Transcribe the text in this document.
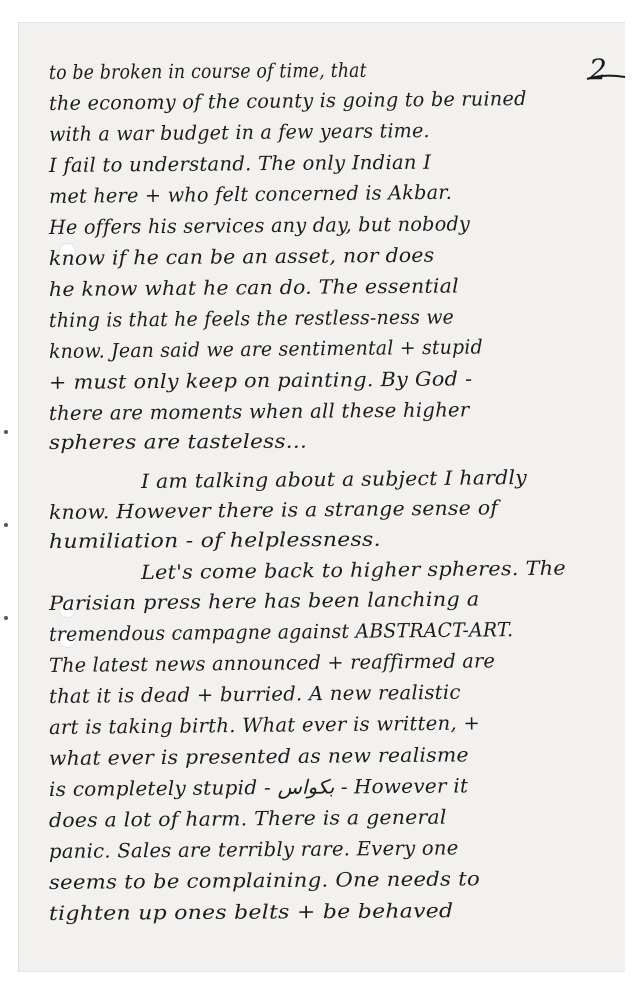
2
to be broken in course of time, that
the economy of the county is going to be ruined
with a war budget in a few years time.
I fail to understand. The only Indian I
met here + who felt concerned is Akbar.
He offers his services any day, but nobody
know if he can be an asset, nor does
he know what he can do. The essential
thing is that he feels the restless-ness we
know. Jean said we are sentimental + stupid
+ must only keep on painting. By God -
there are moments when all these higher
spheres are tasteless...
I am talking about a subject I hardly
know. However there is a strange sense of
humiliation - of helplessness.
Let's come back to higher spheres. The
Parisian press here has been lanching a
tremendous campagne against ABSTRACT-ART.
The latest news announced + reaffirmed are
that it is dead + burried. A new realistic
art is taking birth. What ever is written, +
what ever is presented as new realisme
is completely stupid - بکواس - However it
does a lot of harm. There is a general
panic. Sales are terribly rare. Every one
seems to be complaining. One needs to
tighten up ones belts + be behaved
